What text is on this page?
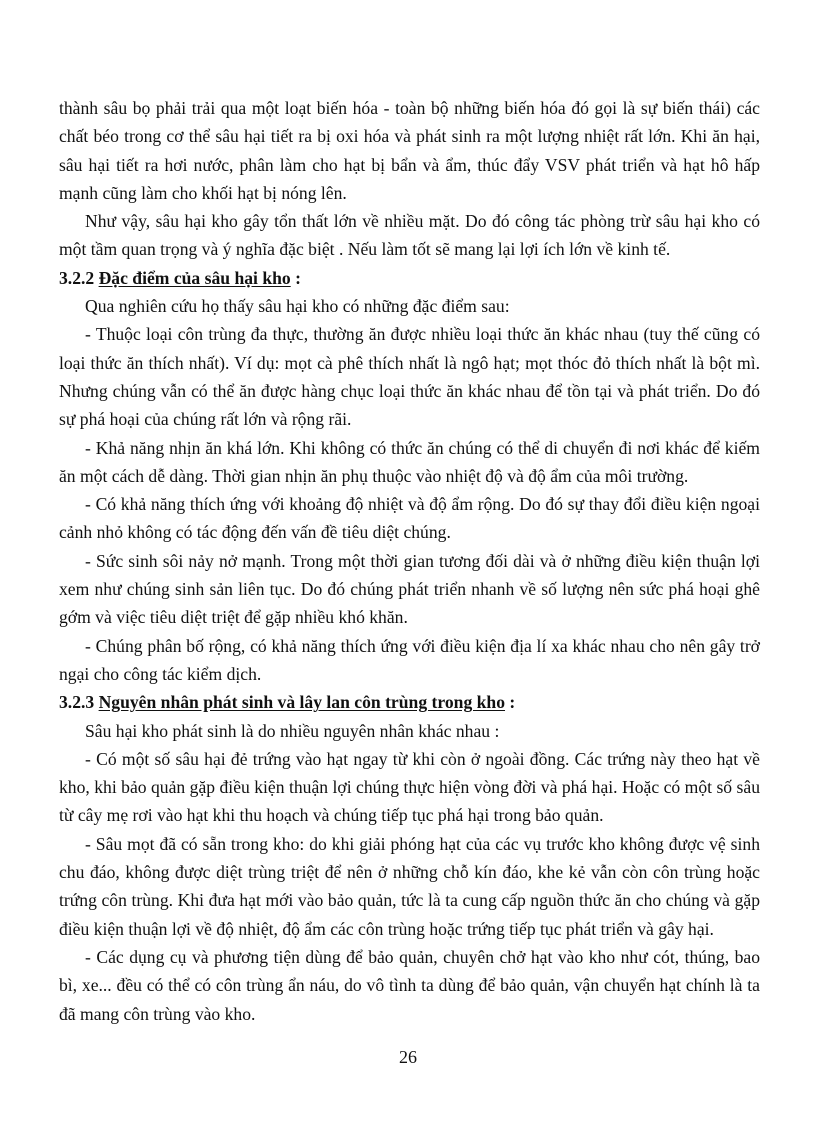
thành sâu bọ phải trải qua một loạt biến hóa - toàn bộ những biến hóa đó gọi là sự biến thái) các chất béo trong cơ thể sâu hại tiết ra bị oxi hóa và phát sinh ra một lượng nhiệt rất lớn. Khi ăn hại, sâu hại tiết ra hơi nước, phân làm cho hạt bị bẩn và ẩm, thúc đẩy VSV phát triển và hạt hô hấp mạnh cũng làm cho khối hạt bị nóng lên.

Như vậy, sâu hại kho gây tổn thất lớn về nhiều mặt. Do đó công tác phòng trừ sâu hại kho có một tầm quan trọng và ý nghĩa đặc biệt . Nếu làm tốt sẽ mang lại lợi ích lớn về kinh tế.

3.2.2 Đặc điểm của sâu hại kho :

Qua nghiên cứu họ thấy sâu hại kho có những đặc điểm sau:

- Thuộc loại côn trùng đa thực, thường ăn được nhiều loại thức ăn khác nhau (tuy thế cũng có loại thức ăn thích nhất). Ví dụ: mọt cà phê thích nhất là ngô hạt; mọt thóc đỏ thích nhất là bột mì. Nhưng chúng vẫn có thể ăn được hàng chục loại thức ăn khác nhau để tồn tại và phát triển. Do đó sự phá hoại của chúng rất lớn và rộng rãi.

- Khả năng nhịn ăn khá lớn. Khi không có thức ăn chúng có thể di chuyển đi nơi khác để kiếm ăn một cách dễ dàng. Thời gian nhịn ăn phụ thuộc vào nhiệt độ và độ ẩm của môi trường.

- Có khả năng thích ứng với khoảng độ nhiệt và độ ẩm rộng. Do đó sự thay đổi điều kiện ngoại cảnh nhỏ không có tác động đến vấn đề tiêu diệt chúng.

- Sức sinh sôi nảy nở mạnh. Trong một thời gian tương đối dài và ở những điều kiện thuận lợi xem như chúng sinh sản liên tục. Do đó chúng phát triển nhanh về số lượng nên sức phá hoại ghê gớm và việc tiêu diệt triệt để gặp nhiều khó khăn.

- Chúng phân bố rộng, có khả năng thích ứng với điều kiện địa lí xa khác nhau cho nên gây trở ngại cho công tác kiểm dịch.

3.2.3 Nguyên nhân phát sinh và lây lan côn trùng trong kho :

Sâu hại kho phát sinh là do nhiều nguyên nhân khác nhau :

- Có một số sâu hại đẻ trứng vào hạt ngay từ khi còn ở ngoài đồng. Các trứng này theo hạt về kho, khi bảo quản gặp điều kiện thuận lợi chúng thực hiện vòng đời và phá hại. Hoặc có một số sâu từ cây mẹ rơi vào hạt khi thu hoạch và chúng tiếp tục phá hại trong bảo quản.

- Sâu mọt đã có sẵn trong kho: do khi giải phóng hạt của các vụ trước kho không được vệ sinh chu đáo, không được diệt trùng triệt để nên ở những chỗ kín đáo, khe kẻ vẫn còn côn trùng hoặc trứng côn trùng. Khi đưa hạt mới vào bảo quản, tức là ta cung cấp nguồn thức ăn cho chúng và gặp điều kiện thuận lợi về độ nhiệt, độ ẩm các côn trùng hoặc trứng tiếp tục phát triển và gây hại.

- Các dụng cụ và phương tiện dùng để bảo quản, chuyên chở hạt vào kho như cót, thúng, bao bì, xe... đều có thể có côn trùng ẩn náu, do vô tình ta dùng để bảo quản, vận chuyển hạt chính là ta đã mang côn trùng vào kho.

26
